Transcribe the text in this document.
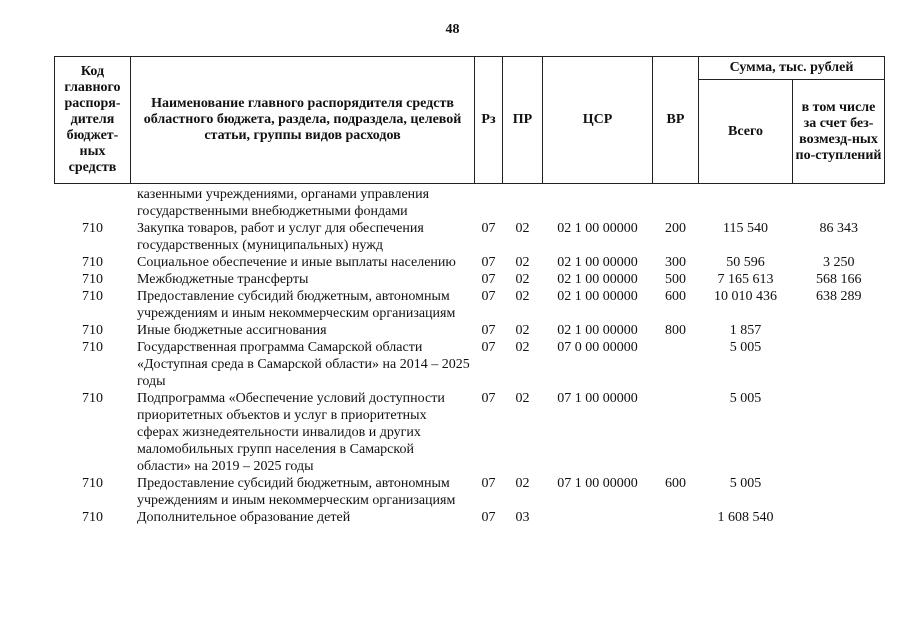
48
Код главного распоря-дителя бюджет-ных средств	Наименование главного распорядителя средств областного бюджета, раздела, подраздела, целевой статьи, группы видов расходов	Рз	ПР	ЦСР	ВР	Сумма, тыс. рублей	
						Всего	в том числе за счет без-возмезд-ных по-ступлений
	казенными учреждениями, органами управления государственными внебюджетными фондами						
710	Закупка товаров, работ и услуг для обеспечения государственных (муниципальных) нужд	07	02	02 1 00 00000	200	115 540	86 343
710	Социальное обеспечение и иные выплаты населению	07	02	02 1 00 00000	300	50 596	3 250
710	Межбюджетные трансферты	07	02	02 1 00 00000	500	7 165 613	568 166
710	Предоставление субсидий бюджетным, автономным учреждениям и иным некоммерческим организациям	07	02	02 1 00 00000	600	10 010 436	638 289
710	Иные бюджетные ассигнования	07	02	02 1 00 00000	800	1 857	
710	Государственная программа Самарской области «Доступная среда в Самарской области» на 2014 – 2025 годы	07	02	07 0 00 00000		5 005	
710	Подпрограмма «Обеспечение условий доступности приоритетных объектов и услуг в приоритетных сферах жизнедеятельности инвалидов и других маломобильных групп населения в Самарской области» на 2019 – 2025 годы	07	02	07 1 00 00000		5 005	
710	Предоставление субсидий бюджетным, автономным учреждениям и иным некоммерческим организациям	07	02	07 1 00 00000	600	5 005	
710	Дополнительное образование детей	07	03			1 608 540	
